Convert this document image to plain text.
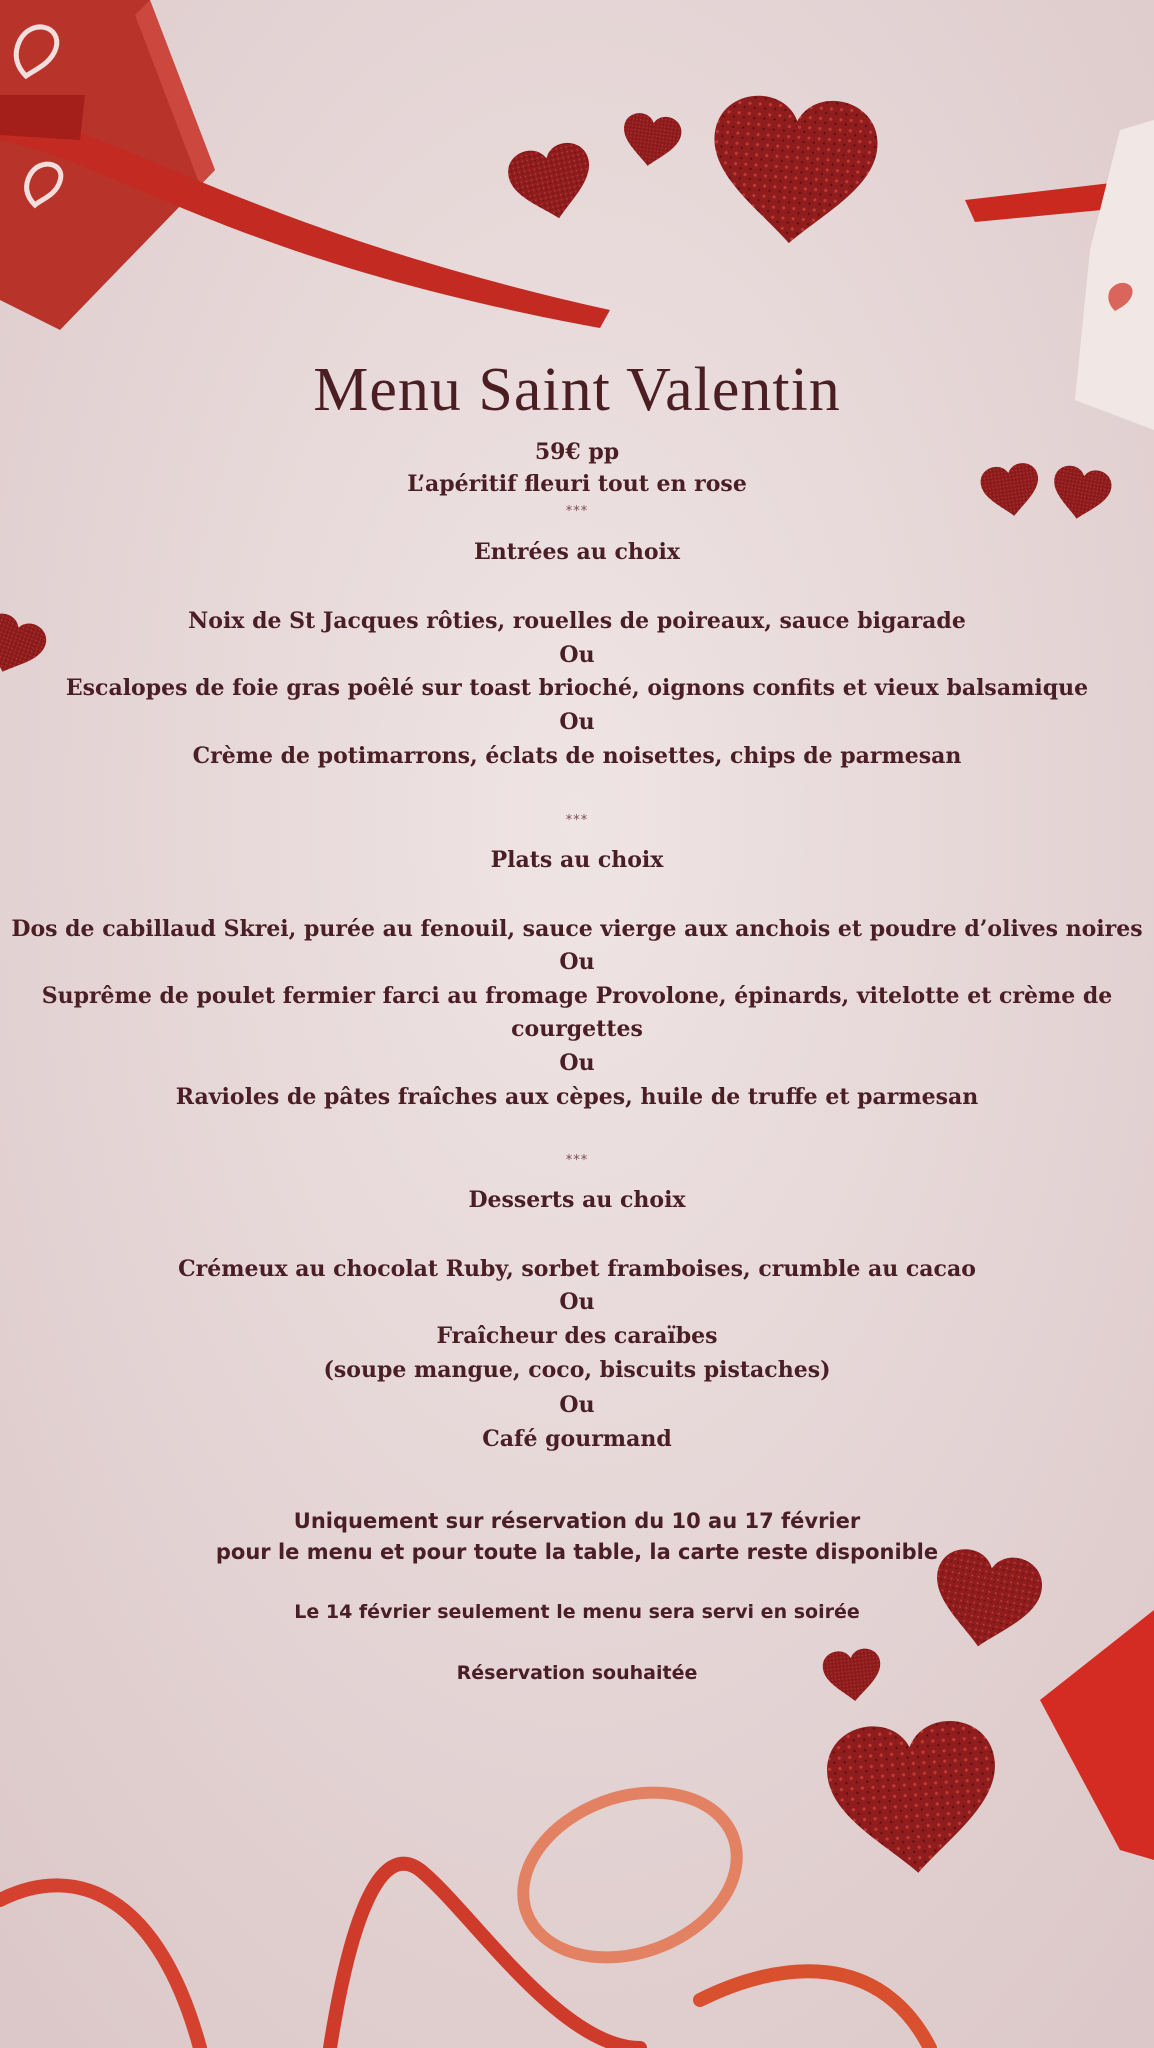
Menu Saint Valentin
59€ pp
L’apéritif fleuri tout en rose
***
Entrées au choix
Noix de St Jacques rôties, rouelles de poireaux, sauce bigarade
Ou
Escalopes de foie gras poêlé sur toast brioché, oignons confits et vieux balsamique
Ou
Crème de potimarrons, éclats de noisettes, chips de parmesan
***
Plats au choix
Dos de cabillaud Skrei, purée au fenouil, sauce vierge aux anchois et poudre d’olives noires
Ou
Suprême de poulet fermier farci au fromage Provolone, épinards, vitelotte et crème de
courgettes
Ou
Ravioles de pâtes fraîches aux cèpes, huile de truffe et parmesan
***
Desserts au choix
Crémeux au chocolat Ruby, sorbet framboises, crumble au cacao
Ou
Fraîcheur des caraïbes
(soupe mangue, coco, biscuits pistaches)
Ou
Café gourmand
Uniquement sur réservation du 10 au 17 février
pour le menu et pour toute la table, la carte reste disponible
Le 14 février seulement le menu sera servi en soirée
Réservation souhaitée
